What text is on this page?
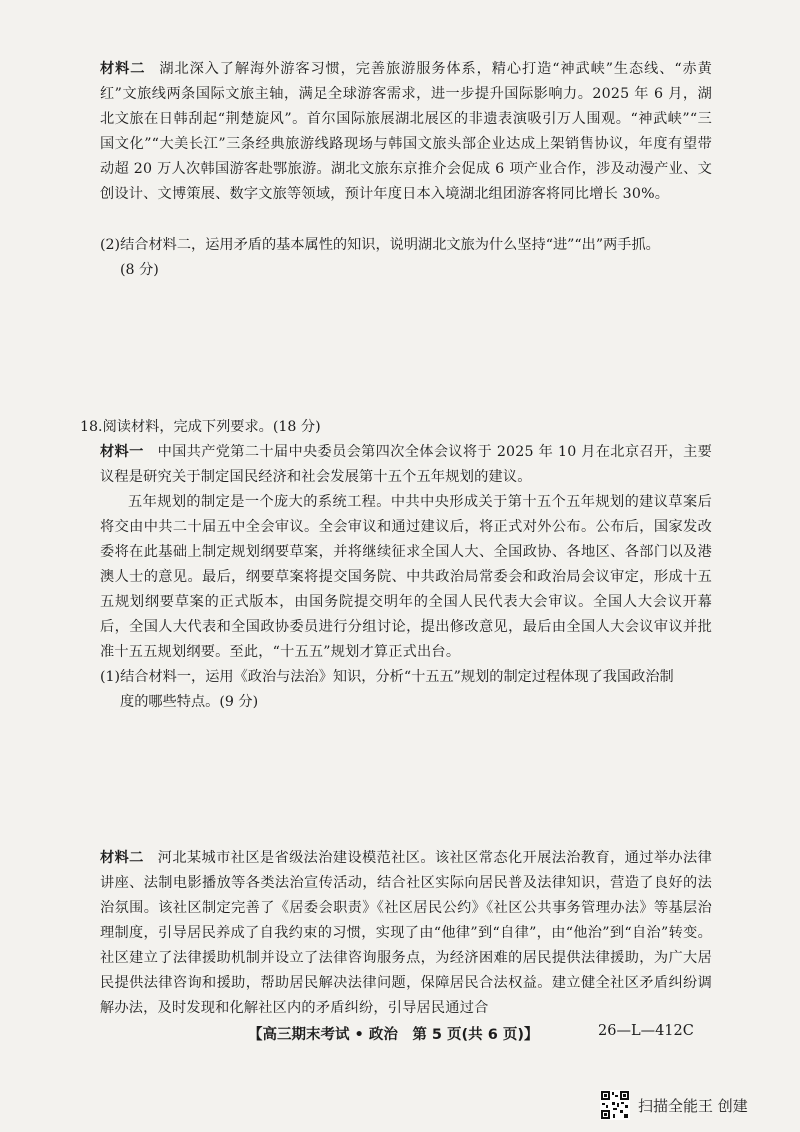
材料二 湖北深入了解海外游客习惯，完善旅游服务体系，精心打造“神武峡”生态线、“赤黄红”文旅线两条国际文旅主轴，满足全球游客需求，进一步提升国际影响力。2025 年 6 月，湖北文旅在日韩刮起“荆楚旋风”。首尔国际旅展湖北展区的非遗表演吸引万人围观。“神武峡”“三国文化”“大美长江”三条经典旅游线路现场与韩国文旅头部企业达成上架销售协议，年度有望带动超 20 万人次韩国游客赴鄂旅游。湖北文旅东京推介会促成 6 项产业合作，涉及动漫产业、文创设计、文博策展、数字文旅等领域，预计年度日本入境湖北组团游客将同比增长 30%。

(2)结合材料二，运用矛盾的基本属性的知识，说明湖北文旅为什么坚持“进”“出”两手抓。
(8 分)

18.阅读材料，完成下列要求。(18 分)

材料一 中国共产党第二十届中央委员会第四次全体会议将于 2025 年 10 月在北京召开，主要议程是研究关于制定国民经济和社会发展第十五个五年规划的建议。

五年规划的制定是一个庞大的系统工程。中共中央形成关于第十五个五年规划的建议草案后将交由中共二十届五中全会审议。全会审议和通过建议后，将正式对外公布。公布后，国家发改委将在此基础上制定规划纲要草案，并将继续征求全国人大、全国政协、各地区、各部门以及港澳人士的意见。最后，纲要草案将提交国务院、中共政治局常委会和政治局会议审定，形成十五五规划纲要草案的正式版本，由国务院提交明年的全国人民代表大会审议。全国人大会议开幕后，全国人大代表和全国政协委员进行分组讨论，提出修改意见，最后由全国人大会议审议并批准十五五规划纲要。至此，“十五五”规划才算正式出台。

(1)结合材料一，运用《政治与法治》知识，分析“十五五”规划的制定过程体现了我国政治制
度的哪些特点。(9 分)

材料二 河北某城市社区是省级法治建设模范社区。该社区常态化开展法治教育，通过举办法律讲座、法制电影播放等各类法治宣传活动，结合社区实际向居民普及法律知识，营造了良好的法治氛围。该社区制定完善了《居委会职责》《社区居民公约》《社区公共事务管理办法》等基层治理制度，引导居民养成了自我约束的习惯，实现了由“他律”到“自律”，由“他治”到“自治”转变。社区建立了法律援助机制并设立了法律咨询服务点，为经济困难的居民提供法律援助，为广大居民提供法律咨询和援助，帮助居民解决法律问题，保障居民合法权益。建立健全社区矛盾纠纷调解办法，及时发现和化解社区内的矛盾纠纷，引导居民通过合

【高三期末考试 • 政治　第 5 页(共 6 页)】	26—L—412C
扫描全能王 创建
